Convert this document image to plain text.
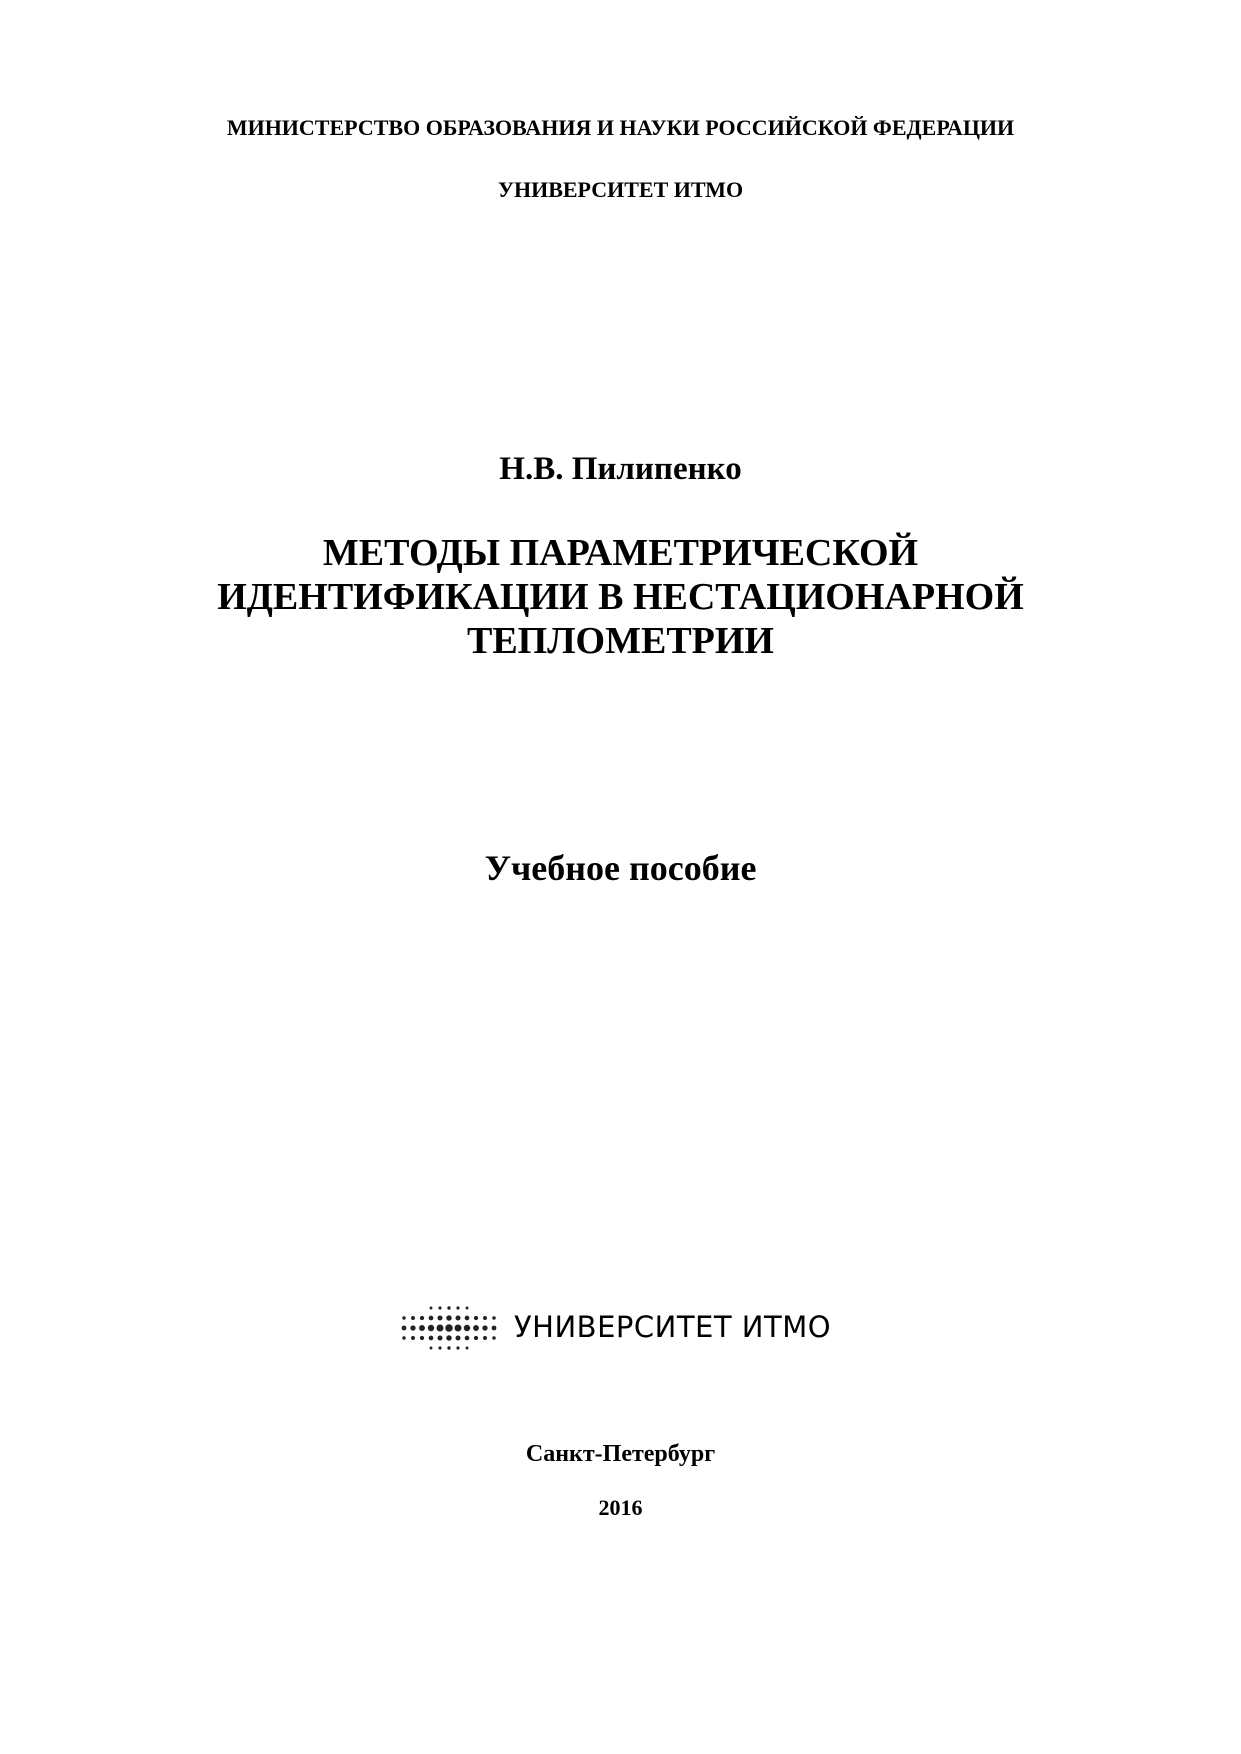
МИНИСТЕРСТВО ОБРАЗОВАНИЯ И НАУКИ РОССИЙСКОЙ ФЕДЕРАЦИИ
УНИВЕРСИТЕТ ИТМО
Н.В. Пилипенко
МЕТОДЫ ПАРАМЕТРИЧЕСКОЙ
ИДЕНТИФИКАЦИИ В НЕСТАЦИОНАРНОЙ
ТЕПЛОМЕТРИИ
Учебное пособие
УНИВЕРСИТЕТ ИТМО
Санкт-Петербург
2016
